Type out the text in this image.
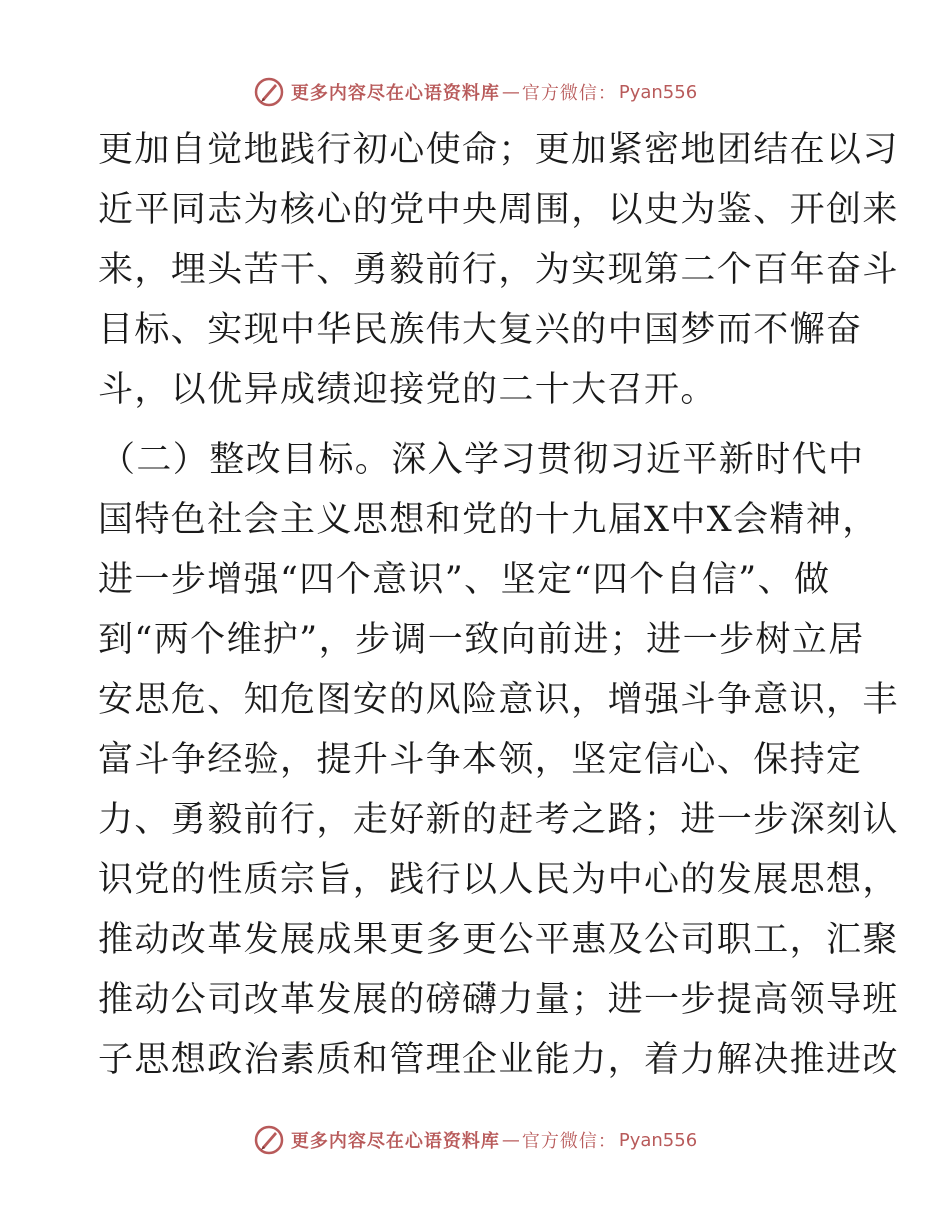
更多内容尽在心语资料库 — 官方微信： Pyan556
更加自觉地践行初心使命；更加紧密地团结在以习
近平同志为核心的党中央周围，以史为鉴、开创来
来，埋头苦干、勇毅前行，为实现第二个百年奋斗
目标、实现中华民族伟大复兴的中国梦而不懈奋
斗，以优异成绩迎接党的二十大召开。
（二）整改目标。深入学习贯彻习近平新时代中
国特色社会主义思想和党的十九届X中X会精神，
进一步增强“四个意识”、坚定“四个自信”、做
到“两个维护”，步调一致向前进；进一步树立居
安思危、知危图安的风险意识，增强斗争意识，丰
富斗争经验，提升斗争本领，坚定信心、保持定
力、勇毅前行，走好新的赶考之路；进一步深刻认
识党的性质宗旨，践行以人民为中心的发展思想，
推动改革发展成果更多更公平惠及公司职工，汇聚
推动公司改革发展的磅礴力量；进一步提高领导班
子思想政治素质和管理企业能力，着力解决推进改
更多内容尽在心语资料库 — 官方微信： Pyan556
